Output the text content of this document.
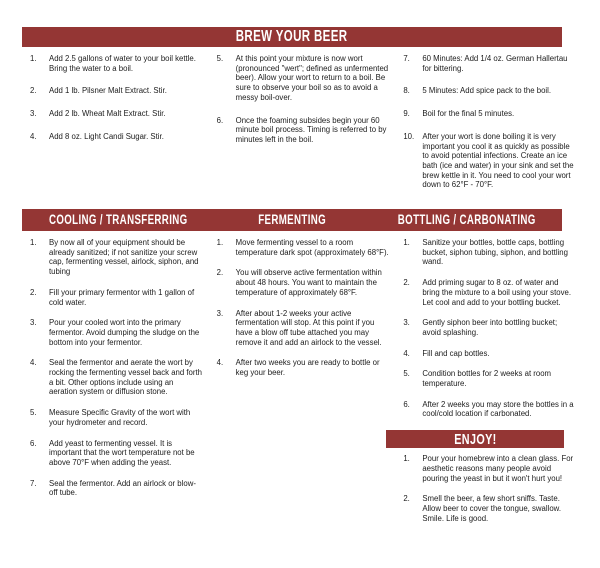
BREW YOUR BEER
1.	Add 2.5 gallons of water to your boil kettle. Bring the water to a boil.
2.	Add 1 lb. Pilsner Malt Extract. Stir.
3.	Add 2 lb. Wheat Malt Extract. Stir.
4.	Add 8 oz. Light Candi Sugar. Stir.
5.	At this point your mixture is now wort (pronounced "wert"; defined as unfermented beer). Allow your wort to return to a boil. Be sure to observe your boil so as to avoid a messy boil-over.
6.	Once the foaming subsides begin your 60 minute boil process. Timing is referred to by minutes left in the boil.
7.	60 Minutes: Add 1/4 oz. German Hallertau for bittering.
8.	5 Minutes: Add spice pack to the boil.
9.	Boil for the final 5 minutes.
10.	After your wort is done boiling it is very important you cool it as quickly as possible to avoid potential infections. Create an ice bath (ice and water) in your sink and set the brew kettle in it. You need to cool your wort down to 62°F - 70°F.
COOLING / TRANSFERRING	FERMENTING	BOTTLING / CARBONATING
1.	By now all of your equipment should be already sanitized; if not sanitize your screw cap, fermenting vessel, airlock, siphon, and tubing
2.	Fill your primary fermentor with 1 gallon of cold water.
3.	Pour your cooled wort into the primary fermentor. Avoid dumping the sludge on the bottom into your fermentor.
4.	Seal the fermentor and aerate the wort by rocking the fermenting vessel back and forth a bit. Other options include using an aeration system or diffusion stone.
5.	Measure Specific Gravity of the wort with your hydrometer and record.
6.	Add yeast to fermenting vessel. It is important that the wort temperature not be above 70°F when adding the yeast.
7.	Seal the fermentor. Add an airlock or blow-off tube.
1.	Move fermenting vessel to a room temperature dark spot (approximately 68°F).
2.	You will observe active fermentation within about 48 hours. You want to maintain the temperature of approximately 68°F.
3.	After about 1-2 weeks your active fermentation will stop. At this point if you have a blow off tube attached you may remove it and add an airlock to the vessel.
4.	After two weeks you are ready to bottle or keg your beer.
1.	Sanitize your bottles, bottle caps, bottling bucket, siphon tubing, siphon, and bottling wand.
2.	Add priming sugar to 8 oz. of water and bring the mixture to a boil using your stove. Let cool and add to your bottling bucket.
3.	Gently siphon beer into bottling bucket; avoid splashing.
4.	Fill and cap bottles.
5.	Condition bottles for 2 weeks at room temperature.
6.	After 2 weeks you may store the bottles in a cool/cold location if carbonated.
ENJOY!
1.	Pour your homebrew into a clean glass. For aesthetic reasons many people avoid pouring the yeast in but it won't hurt you!
2.	Smell the beer, a few short sniffs. Taste. Allow beer to cover the tongue, swallow. Smile. Life is good.
